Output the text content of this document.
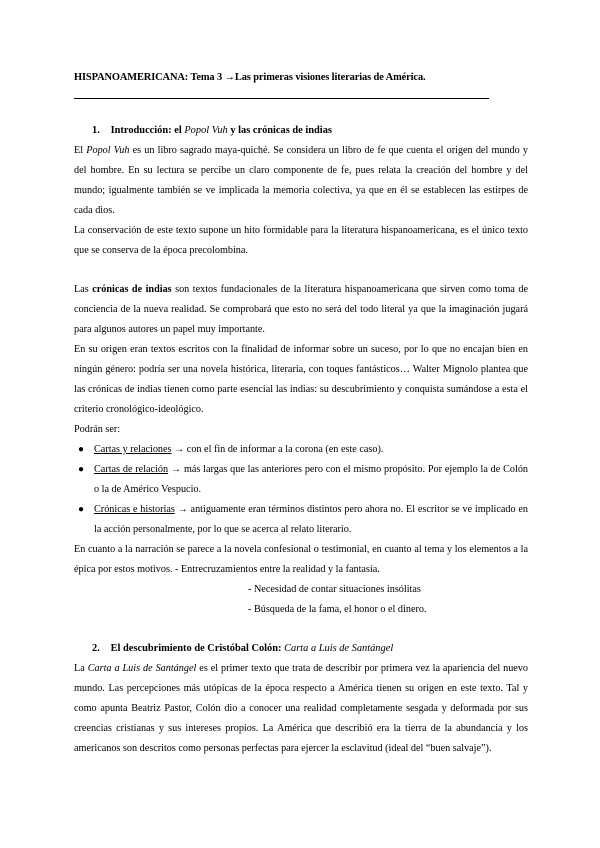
HISPANOAMERICANA: Tema 3 →Las primeras visiones literarias de América.
1. Introducción: el Popol Vuh y las crónicas de indias

El Popol Vuh es un libro sagrado maya-quiché. Se considera un libro de fe que cuenta el origen del mundo y del hombre. En su lectura se percibe un claro componente de fe, pues relata la creación del hombre y del mundo; igualmente también se ve implicada la memoria colectiva, ya que en él se establecen las estirpes de cada dios.

La conservación de este texto supone un hito formidable para la literatura hispanoamericana, es el único texto que se conserva de la época precolombina.

Las crónicas de indias son textos fundacionales de la literatura hispanoamericana que sirven como toma de conciencia de la nueva realidad. Se comprobará que esto no será del todo literal ya que la imaginación jugará para algunos autores un papel muy importante.

En su origen eran textos escritos con la finalidad de informar sobre un suceso, por lo que no encajan bien en ningún género: podría ser una novela histórica, literaria, con toques fantásticos… Walter Mignolo plantea que las crónicas de indias tienen como parte esencial las indias: su descubrimiento y conquista sumándose a esta el criterio cronológico-ideológico.

Podrán ser:

● Cartas y relaciones → con el fin de informar a la corona (en este caso).
● Cartas de relación → más largas que las anteriores pero con el mismo propósito. Por ejemplo la de Colón o la de Américo Vespucio.
● Crónicas e historias → antiguamente eran términos distintos pero ahora no. El escritor se ve implicado en la acción personalmente, por lo que se acerca al relato literario.

En cuanto a la narración se parece a la novela confesional o testimonial, en cuanto al tema y los elementos a la épica por estos motivos. - Entrecruzamientos entre la realidad y la fantasía.

- Necesidad de contar situaciones insólitas
- Búsqueda de la fama, el honor o el dinero.
2. El descubrimiento de Cristóbal Colón: Carta a Luis de Santángel

La Carta a Luis de Santángel es el primer texto que trata de describir por primera vez la apariencia del nuevo mundo. Las percepciones más utópicas de la época respecto a América tienen su origen en este texto. Tal y como apunta Beatriz Pastor, Colón dio a conocer una realidad completamente sesgada y deformada por sus creencias cristianas y sus intereses propios. La América que describió era la tierra de la abundancia y los americanos son descritos como personas perfectas para ejercer la esclavitud (ideal del “buen salvaje”).
